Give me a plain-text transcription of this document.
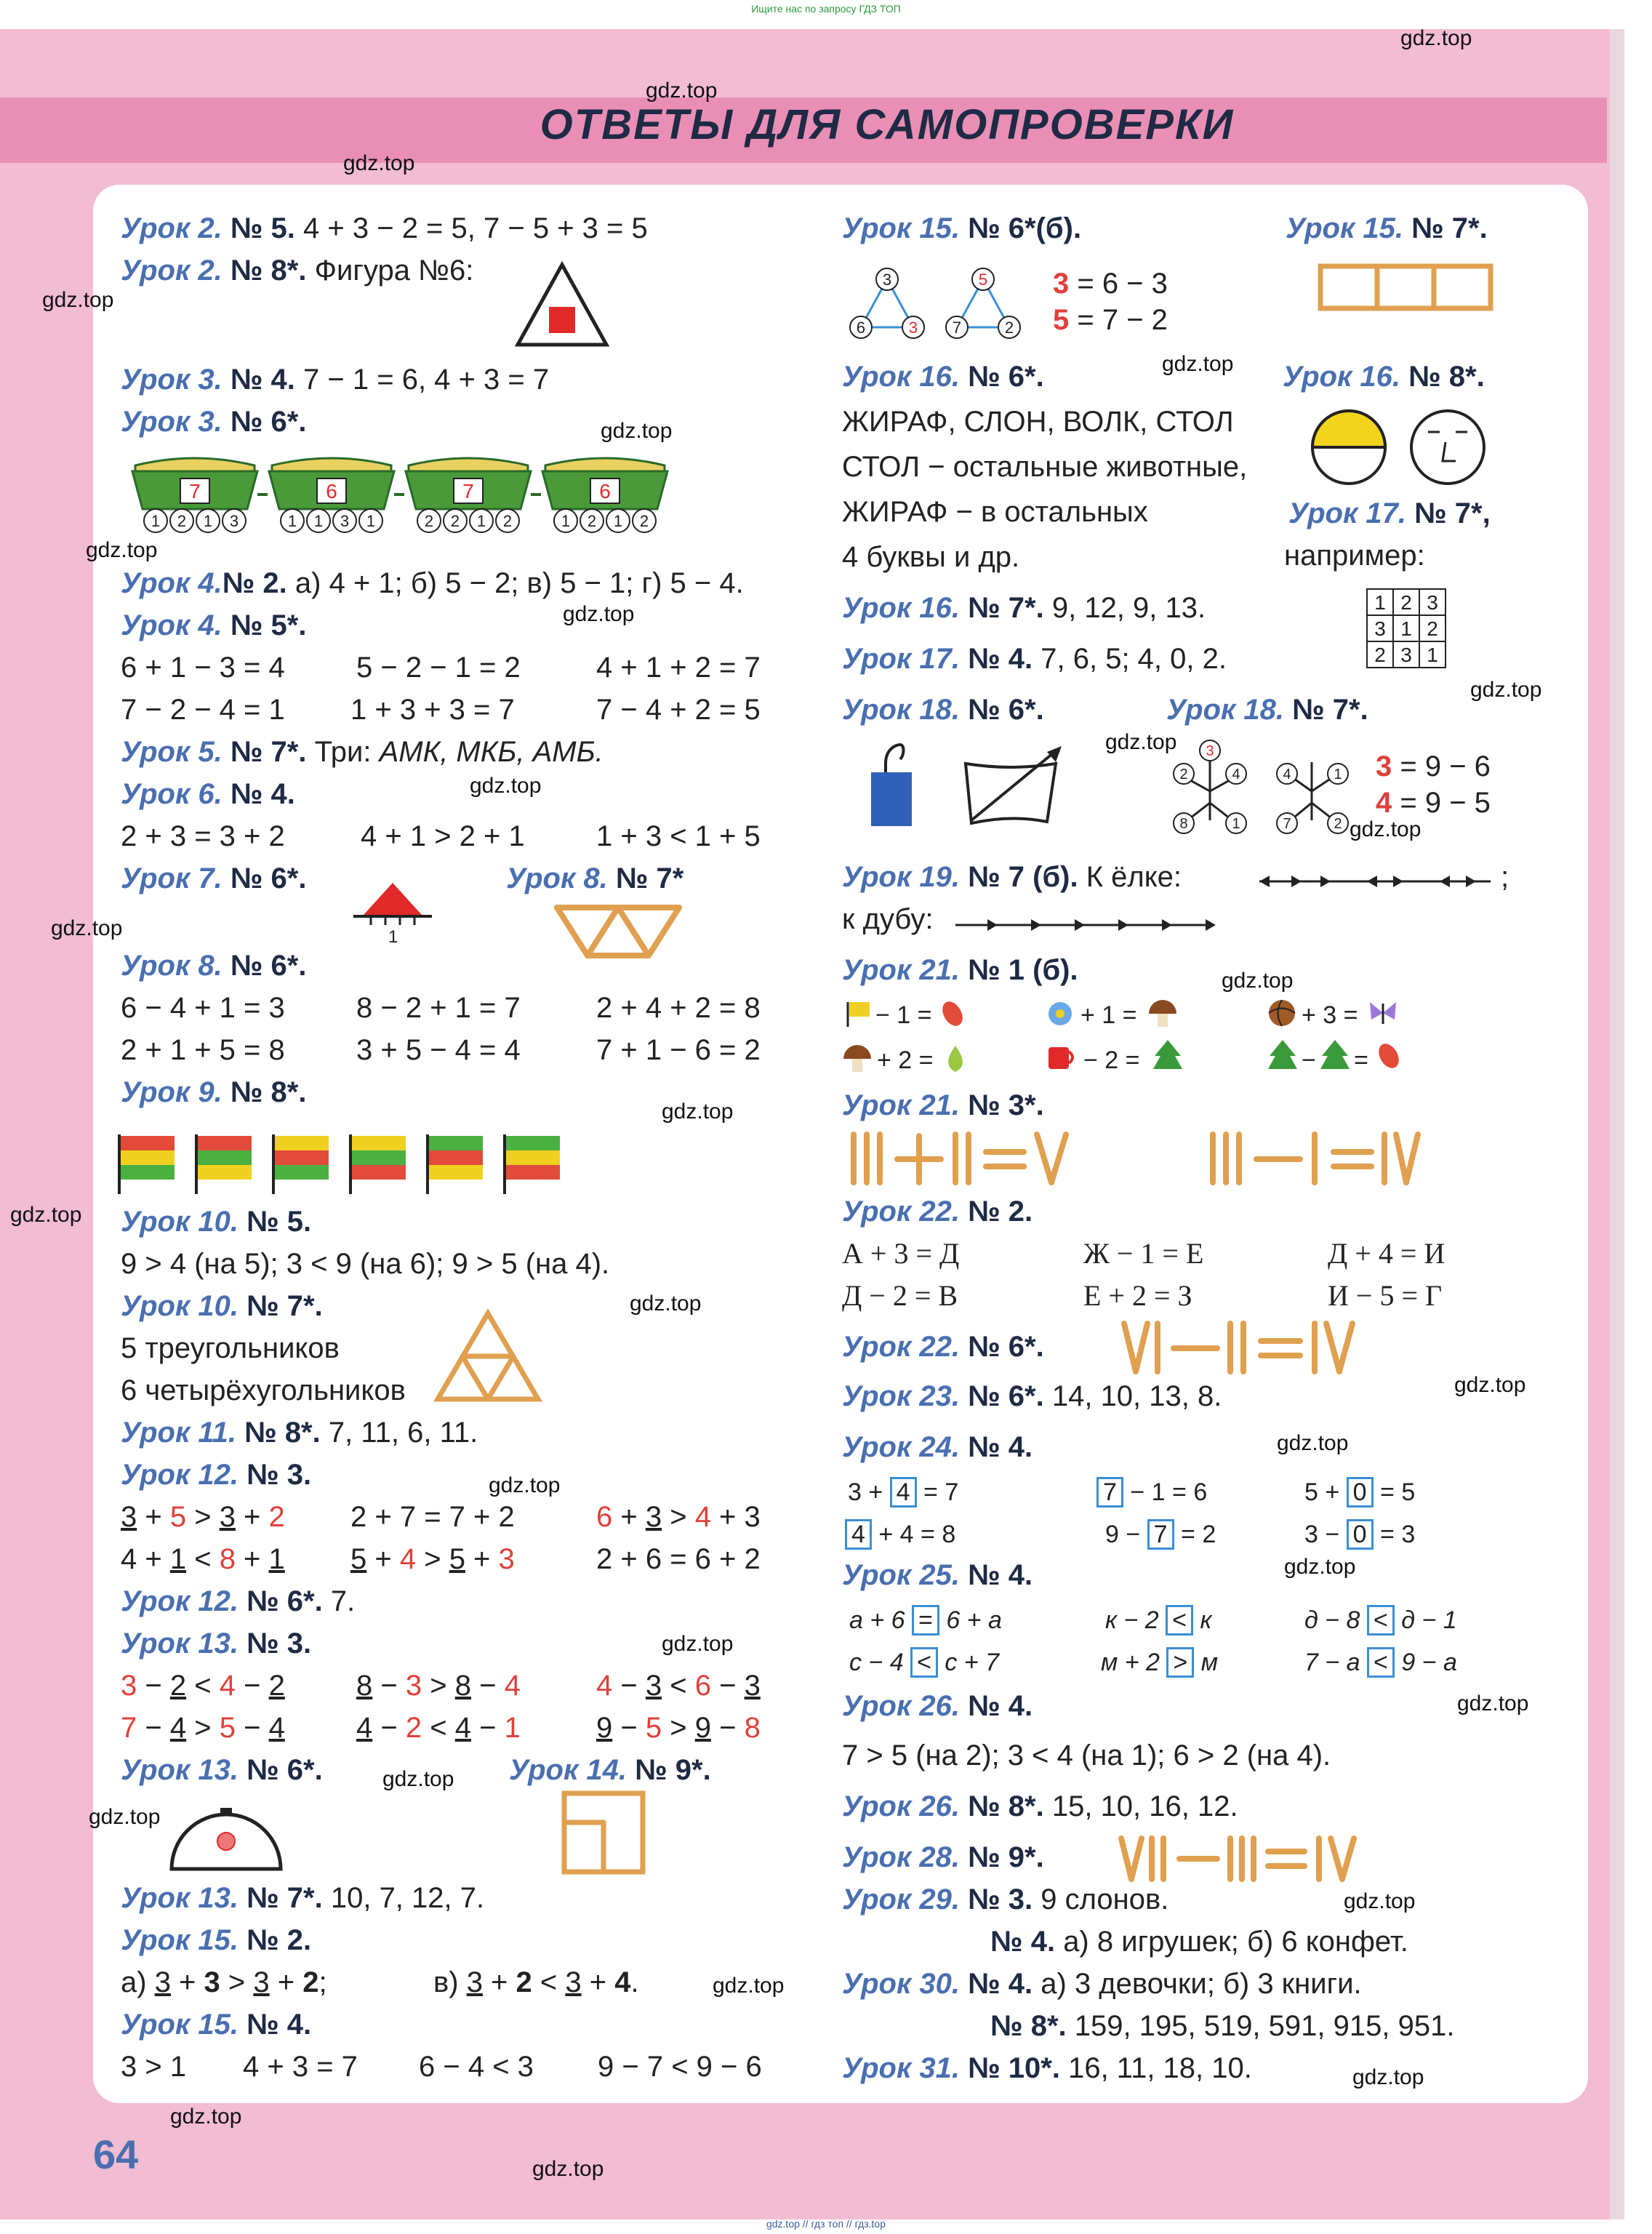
Ищите нас по запросу ГДЗ ТОП
ОТВЕТЫ ДЛЯ САМОПРОВЕРКИ
Урок 2. № 5. 4 + 3 − 2 = 5, 7 − 5 + 3 = 5
Урок 2. № 8*. Фигура №6:
Урок 3. № 4. 7 − 1 = 6, 4 + 3 = 7
Урок 3. № 6*.
7
1 2 1 3
6
1 1 3 1
7
2 2 1 2
6
1 2 1 2
Урок 4.№ 2. а) 4 + 1; б) 5 − 2; в) 5 − 1; г) 5 − 4.
Урок 4. № 5*.
6 + 1 − 3 = 4 5 − 2 − 1 = 2	4 + 1 + 2 = 7
7 − 2 − 4 = 1 1 + 3 + 3 = 7	7 − 4 + 2 = 5
Урок 5. № 7*. Три: АМК, МКБ, АМБ.
Урок 6. № 4.
2 + 3 = 3 + 2	4 + 1 > 2 + 1 1 + 3 < 1 + 5
Урок 7. № 6*.	Урок 8. № 7*
1
Урок 8. № 6*.
6 − 4 + 1 = 3 8 − 2 + 1 = 7	2 + 4 + 2 = 8
2 + 1 + 5 = 8 3 + 5 − 4 = 4	7 + 1 − 6 = 2
Урок 9. № 8*.
Урок 10. № 5.
9 > 4 (на 5); 3 < 9 (на 6); 9 > 5 (на 4).
Урок 10. № 7*.
5 треугольников
6 четырёхугольников
Урок 11. № 8*. 7, 11, 6, 11.
Урок 12. № 3.
3 + 5 > 3 + 2 2 + 7 = 7 + 2	6 + 3 > 4 + 3
4 + 1 < 8 + 1 5 + 4 > 5 + 3	2 + 6 = 6 + 2
Урок 12. № 6*. 7.
Урок 13. № 3.
3 − 2 < 4 − 2 8 − 3 > 8 − 4	4 − 3 < 6 − 3
7 − 4 > 5 − 4 4 − 2 < 4 − 1	9 − 5 > 9 − 8
Урок 13. № 6*.	Урок 14. № 9*.
Урок 13. № 7*. 10, 7, 12, 7.
Урок 15. № 2.
а) 3 + 3 > 3 + 2;	в) 3 + 2 < 3 + 4.
Урок 15. № 4.
3 > 1 4 + 3 = 7 6 − 4 < 3 9 − 7 < 9 − 6
Урок 15. № 6*(б).	Урок 15. № 7*.
3
6	3
5
7	2
3 = 6 − 3
5 = 7 − 2
Урок 16. № 6*.	Урок 16. № 8*.
ЖИРАФ, СЛОН, ВОЛК, СТОЛ
СТОЛ − остальные животные,
ЖИРАФ − в остальных
4 буквы и др.
Урок 17. № 7*,
например:
1 2 3
3 1 2
2 3 1
Урок 16. № 7*. 9, 12, 9, 13.
Урок 17. № 4. 7, 6, 5; 4, 0, 2.
Урок 18. № 6*.	Урок 18. № 7*.
3
2	4
8	1
4	1
7	2
3 = 9 − 6
4 = 9 − 5
Урок 19. № 7 (б). К ёлке:	;
к дубу:
Урок 21. № 1 (б).
− 1 =	+ 1 =	+ 3 =
+ 2 =	− 2 =	− =
Урок 21. № 3*.
Урок 22. № 2.
А + 3 = Д	Ж − 1 = Е	Д + 4 = И
Д − 2 = В	Е + 2 = З	И − 5 = Г
Урок 22. № 6*.
Урок 23. № 6*. 14, 10, 13, 8.
Урок 24. № 4.
3 + 4 = 7	7 − 1 = 6	5 + 0 = 5
4 + 4 = 8	9 − 7 = 2	3 − 0 = 3
Урок 25. № 4.
а + 6 = 6 + а	к − 2 < к	д − 8 < д − 1
с − 4 < с + 7	м + 2 > м	7 − а < 9 − а
Урок 26. № 4.
7 > 5 (на 2); 3 < 4 (на 1); 6 > 2 (на 4).
Урок 26. № 8*. 15, 10, 16, 12.
Урок 28. № 9*.
Урок 29. № 3. 9 слонов.
№ 4. а) 8 игрушек; б) 6 конфет.
Урок 30. № 4. а) 3 девочки; б) 3 книги.
№ 8*. 159, 195, 519, 591, 915, 951.
Урок 31. № 10*. 16, 11, 18, 10.
64
gdz.top // гдз топ // гдз.top
gdz.top
gdz.top
gdz.top
gdz.top
gdz.top
gdz.top
gdz.top
gdz.top
gdz.top
gdz.top
gdz.top
gdz.top
gdz.top
gdz.top
gdz.top
gdz.top
gdz.top
gdz.top
gdz.top
gdz.top
gdz.top
gdz.top
gdz.top
gdz.top
gdz.top
gdz.top
gdz.top
gdz.top
gdz.top
gdz.top
